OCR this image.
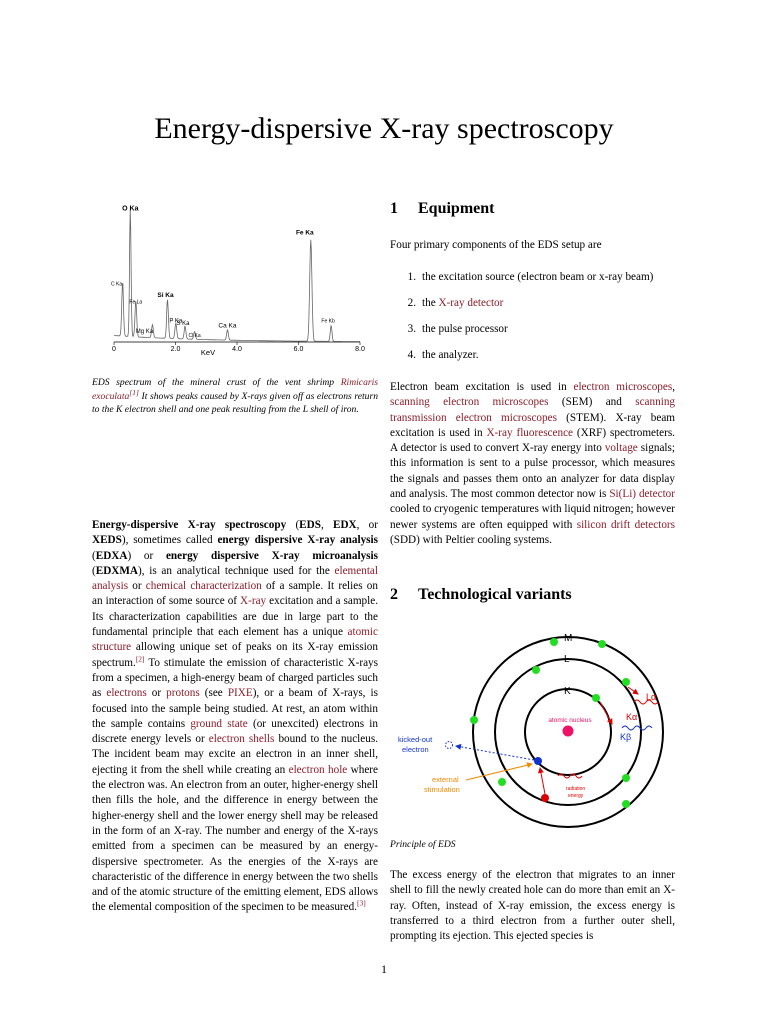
Energy-dispersive X-ray spectroscopy
C Ka
O Ka
Fe La
Mg Ka
Si Ka
P Ka
S Ka
Cl Ka
Ca Ka
Fe Ka
Fe Kb
0	2.0	4.0	6.0	8.0
KeV
EDS spectrum of the mineral crust of the vent shrimp Rimicaris exoculata[1] It shows peaks caused by X-rays given off as electrons return to the K electron shell and one peak resulting from the L shell of iron.
Energy-dispersive X-ray spectroscopy (EDS, EDX, or XEDS), sometimes called energy dispersive X-ray analysis (EDXA) or energy dispersive X-ray microanalysis (EDXMA), is an analytical technique used for the elemental analysis or chemical characterization of a sample. It relies on an interaction of some source of X-ray excitation and a sample. Its characterization capabilities are due in large part to the fundamental principle that each element has a unique atomic structure allowing unique set of peaks on its X-ray emission spectrum.[2] To stimulate the emission of characteristic X-rays from a specimen, a high-energy beam of charged particles such as electrons or protons (see PIXE), or a beam of X-rays, is focused into the sample being studied. At rest, an atom within the sample contains ground state (or unexcited) electrons in discrete energy levels or electron shells bound to the nucleus. The incident beam may excite an electron in an inner shell, ejecting it from the shell while creating an electron hole where the electron was. An electron from an outer, higher-energy shell then fills the hole, and the difference in energy between the higher-energy shell and the lower energy shell may be released in the form of an X-ray. The number and energy of the X-rays emitted from a specimen can be measured by an energy-dispersive spectrometer. As the energies of the X-rays are characteristic of the difference in energy between the two shells and of the atomic structure of the emitting element, EDS allows the elemental composition of the specimen to be measured.[3]
1 Equipment
Four primary components of the EDS setup are
1. the excitation source (electron beam or x-ray beam)
2. the X-ray detector
3. the pulse processor
4. the analyzer.
Electron beam excitation is used in electron microscopes, scanning electron microscopes (SEM) and scanning transmission electron microscopes (STEM). X-ray beam excitation is used in X-ray fluorescence (XRF) spectrometers. A detector is used to convert X-ray energy into voltage signals; this information is sent to a pulse processor, which measures the signals and passes them onto an analyzer for data display and analysis. The most common detector now is Si(Li) detector cooled to cryogenic temperatures with liquid nitrogen; however newer systems are often equipped with silicon drift detectors (SDD) with Peltier cooling systems.
2 Technological variants
M
L
K
atomic nucleus
kicked-out
electron
external
stimulation	radiation
energy
Lα
Kα
Kβ
Principle of EDS
The excess energy of the electron that migrates to an inner shell to fill the newly created hole can do more than emit an X-ray. Often, instead of X-ray emission, the excess energy is transferred to a third electron from a further outer shell, prompting its ejection. This ejected species is
1
